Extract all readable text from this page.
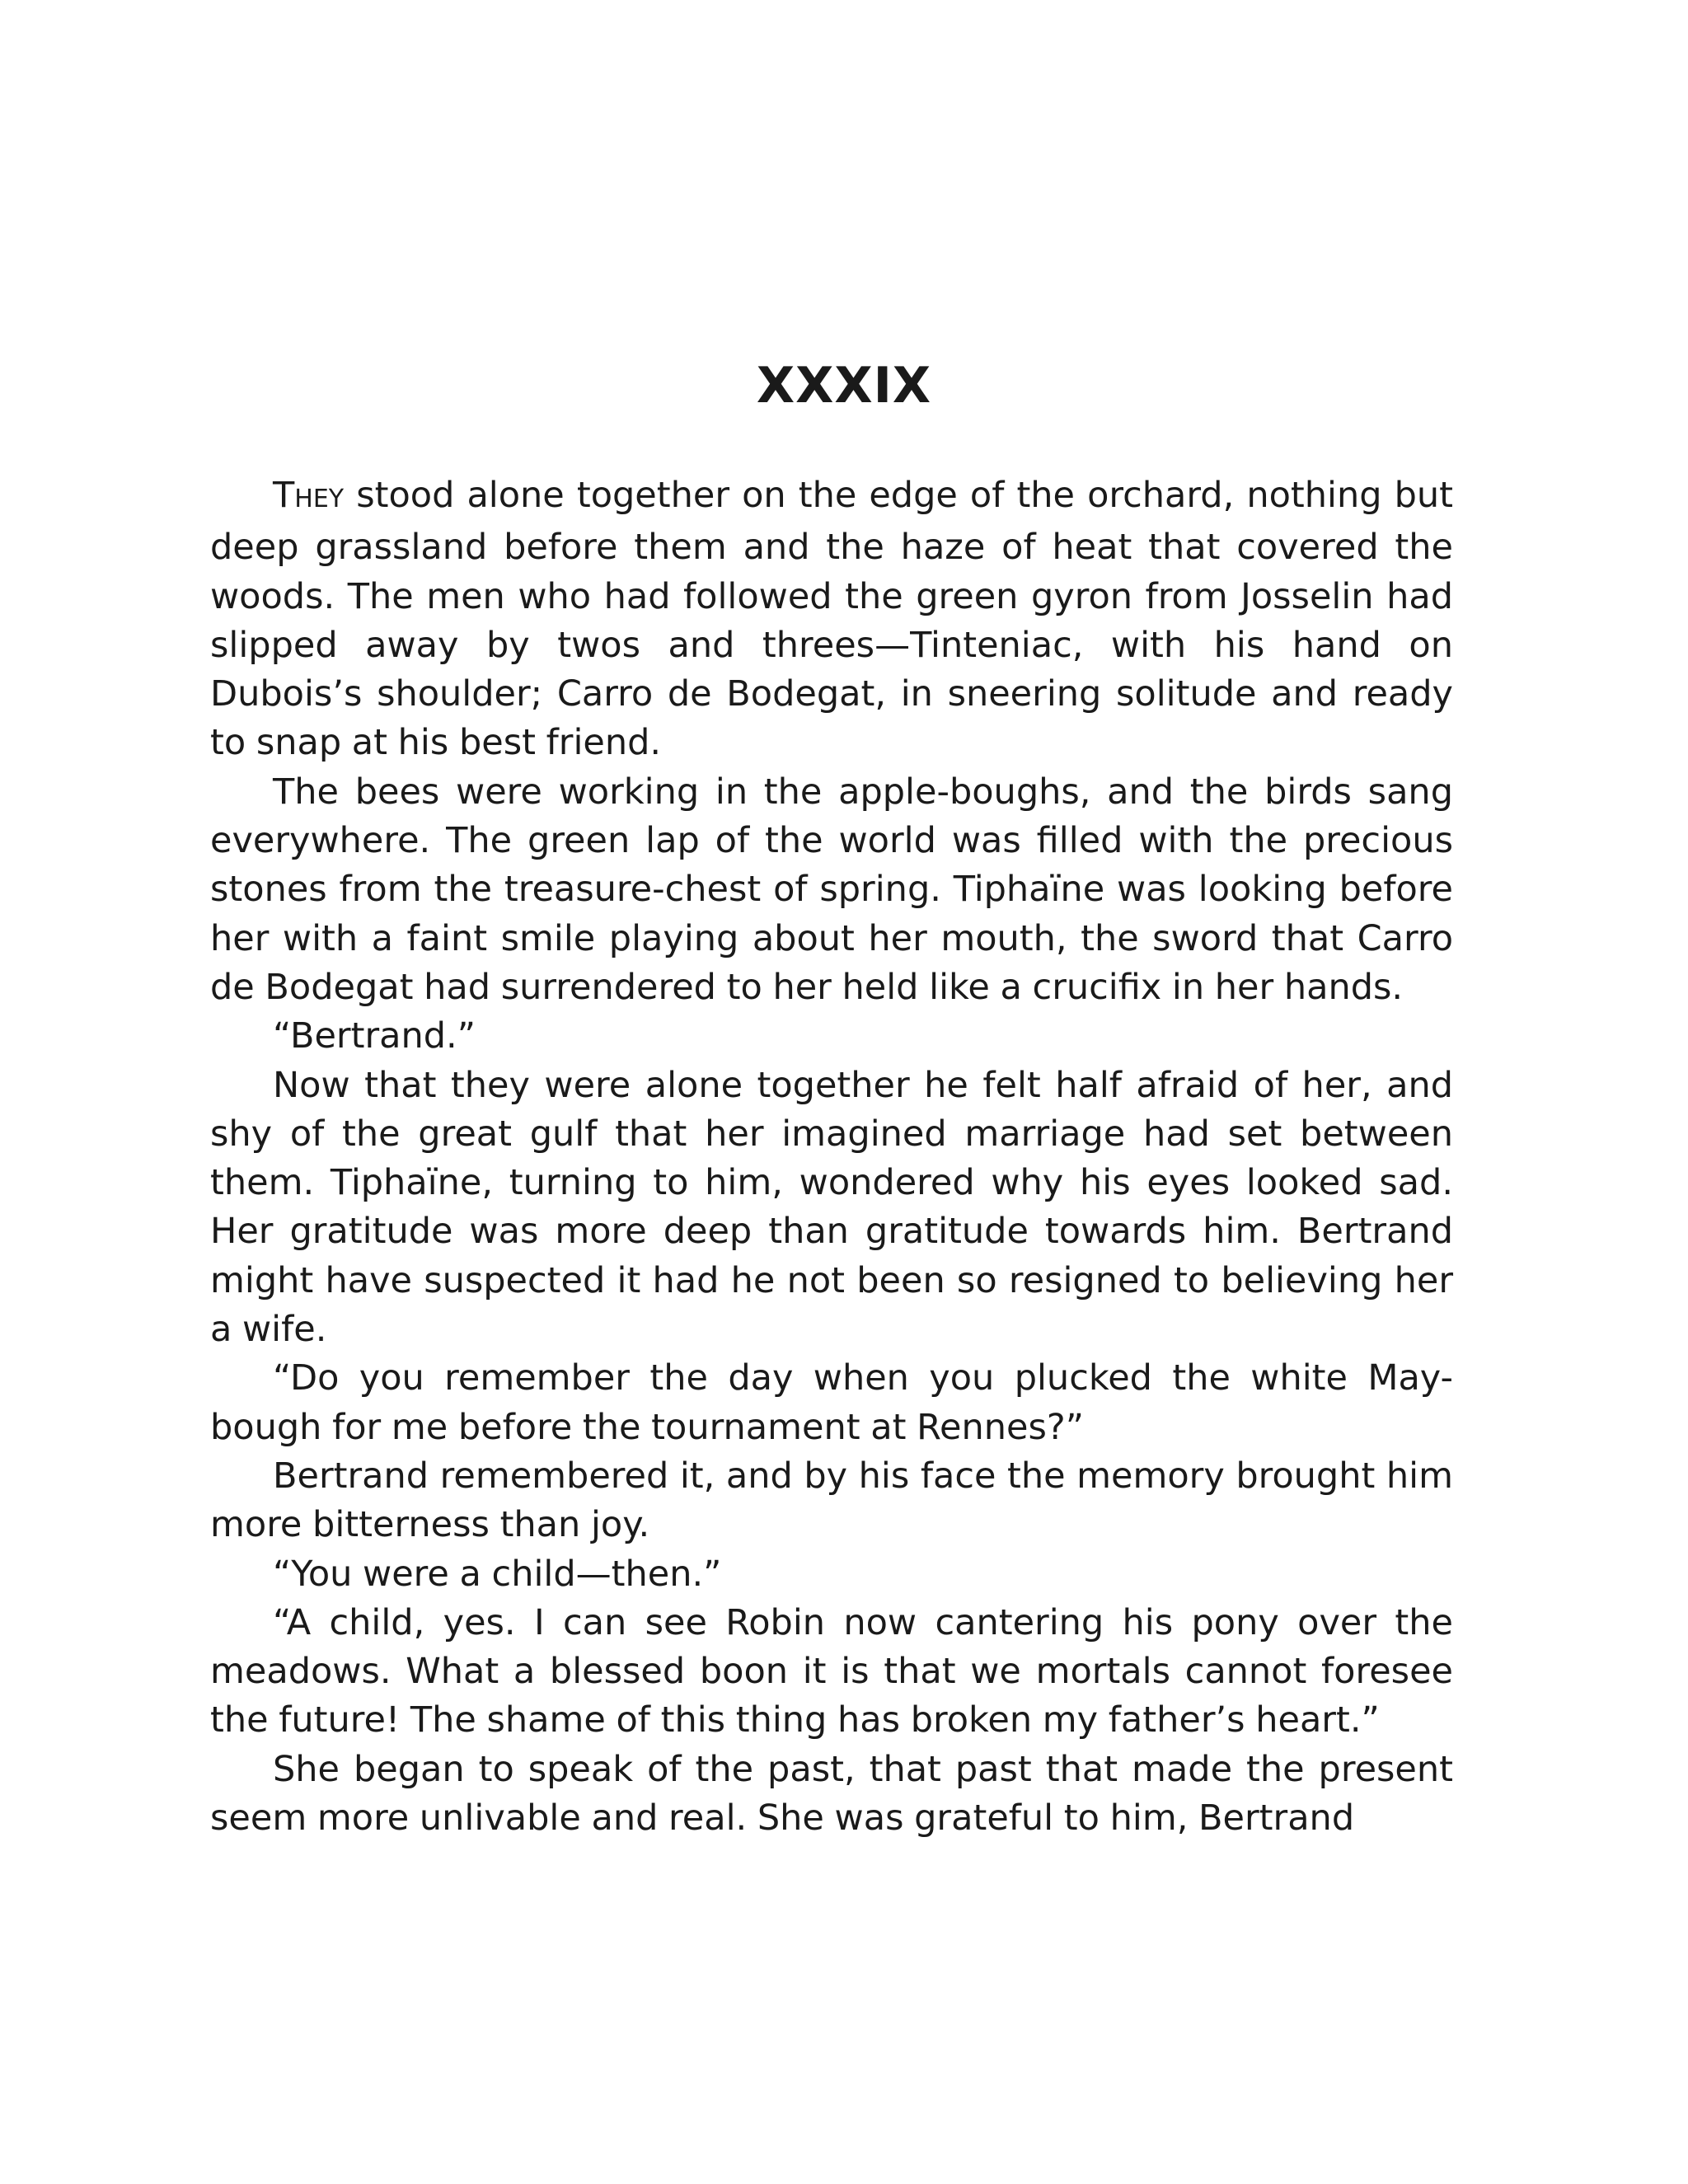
XXXIX

THEY stood alone together on the edge of the orchard, nothing but deep grassland before them and the haze of heat that covered the woods. The men who had followed the green gyron from Josselin had slipped away by twos and threes—Tinteniac, with his hand on Dubois’s shoulder; Carro de Bodegat, in sneering solitude and ready to snap at his best friend.

The bees were working in the apple-boughs, and the birds sang everywhere. The green lap of the world was filled with the precious stones from the treasure-chest of spring. Tiphaïne was looking before her with a faint smile playing about her mouth, the sword that Carro de Bodegat had surrendered to her held like a crucifix in her hands.

“Bertrand.”

Now that they were alone together he felt half afraid of her, and shy of the great gulf that her imagined marriage had set between them. Tiphaïne, turning to him, wondered why his eyes looked sad. Her gratitude was more deep than gratitude towards him. Bertrand might have suspected it had he not been so resigned to believing her a wife.

“Do you remember the day when you plucked the white May-bough for me before the tournament at Rennes?”

Bertrand remembered it, and by his face the memory brought him more bitterness than joy.

“You were a child—then.”

“A child, yes. I can see Robin now cantering his pony over the meadows. What a blessed boon it is that we mortals cannot foresee the future! The shame of this thing has broken my father’s heart.”

She began to speak of the past, that past that made the present seem more unlivable and real. She was grateful to him, Bertrand
